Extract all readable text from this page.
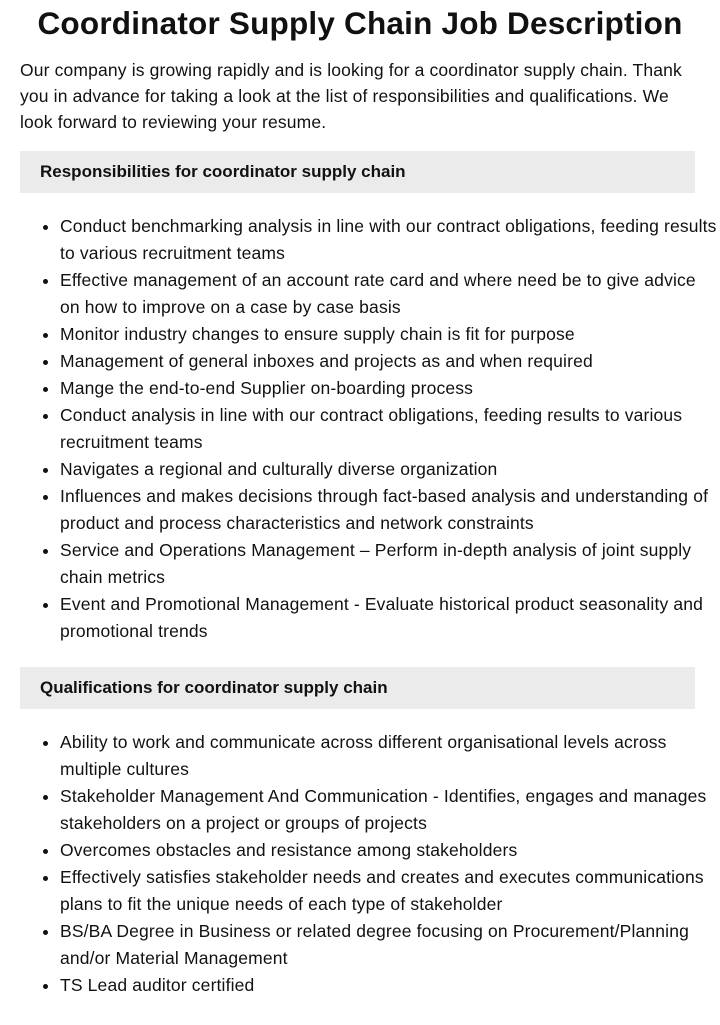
Coordinator Supply Chain Job Description

Our company is growing rapidly and is looking for a coordinator supply chain. Thank you in advance for taking a look at the list of responsibilities and qualifications. We look forward to reviewing your resume.

Responsibilities for coordinator supply chain
• Conduct benchmarking analysis in line with our contract obligations, feeding results to various recruitment teams
• Effective management of an account rate card and where need be to give advice on how to improve on a case by case basis
• Monitor industry changes to ensure supply chain is fit for purpose
• Management of general inboxes and projects as and when required
• Mange the end-to-end Supplier on-boarding process
• Conduct analysis in line with our contract obligations, feeding results to various recruitment teams
• Navigates a regional and culturally diverse organization
• Influences and makes decisions through fact-based analysis and understanding of product and process characteristics and network constraints
• Service and Operations Management – Perform in-depth analysis of joint supply chain metrics
• Event and Promotional Management - Evaluate historical product seasonality and promotional trends
Qualifications for coordinator supply chain
• Ability to work and communicate across different organisational levels across multiple cultures
• Stakeholder Management And Communication - Identifies, engages and manages stakeholders on a project or groups of projects
• Overcomes obstacles and resistance among stakeholders
• Effectively satisfies stakeholder needs and creates and executes communications plans to fit the unique needs of each type of stakeholder
• BS/BA Degree in Business or related degree focusing on Procurement/Planning and/or Material Management
• TS Lead auditor certified
